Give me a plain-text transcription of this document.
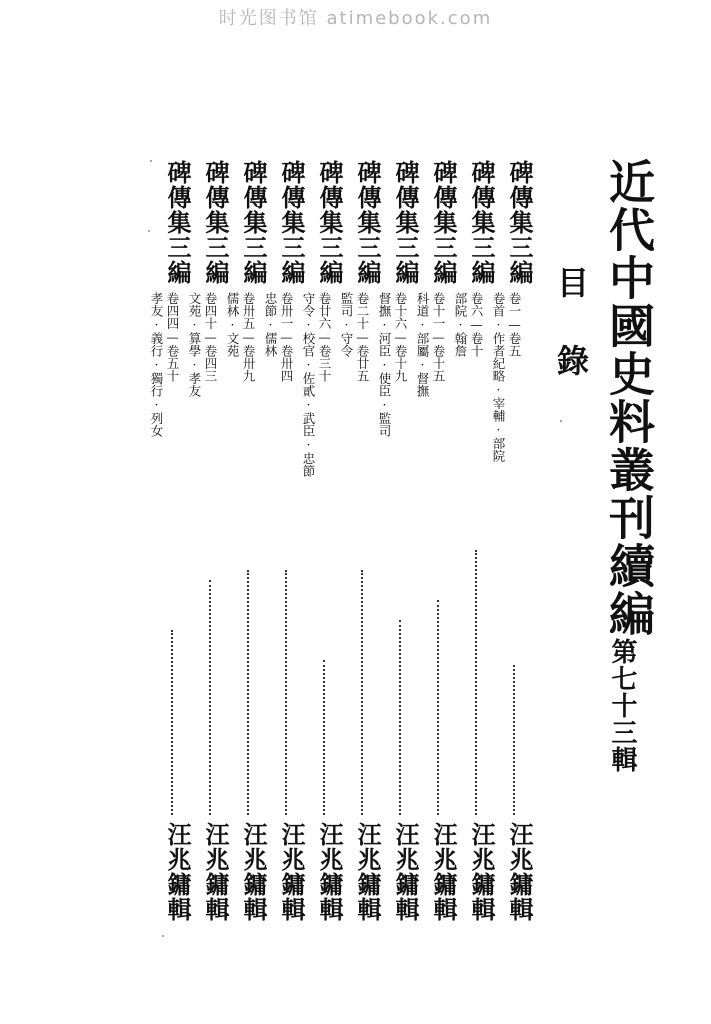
时光图书馆 atimebook.com
近代中國史料叢刊續編
第七十三輯
目
錄
碑傳集三編
卷一—卷五
卷首·作者紀略·宰輔·部院
汪兆鏞輯
碑傳集三編
卷六—卷十
部院·翰詹
汪兆鏞輯
碑傳集三編
卷十一—卷十五
科道·部屬·督撫
汪兆鏞輯
碑傳集三編
卷十六—卷十九
督撫·河臣·使臣·監司
汪兆鏞輯
碑傳集三編
卷二十—卷廿五
監司·守令
汪兆鏞輯
碑傳集三編
卷廿六—卷三十
守令·校官·佐貳·武臣·忠節
汪兆鏞輯
碑傳集三編
卷卅一—卷卅四
忠節·儒林
汪兆鏞輯
碑傳集三編
卷卅五—卷卅九
儒林·文苑
汪兆鏞輯
碑傳集三編
卷四十—卷四三
文苑·算學·孝友
汪兆鏞輯
碑傳集三編
卷四四—卷五十
孝友·義行·獨行·列女
汪兆鏞輯
